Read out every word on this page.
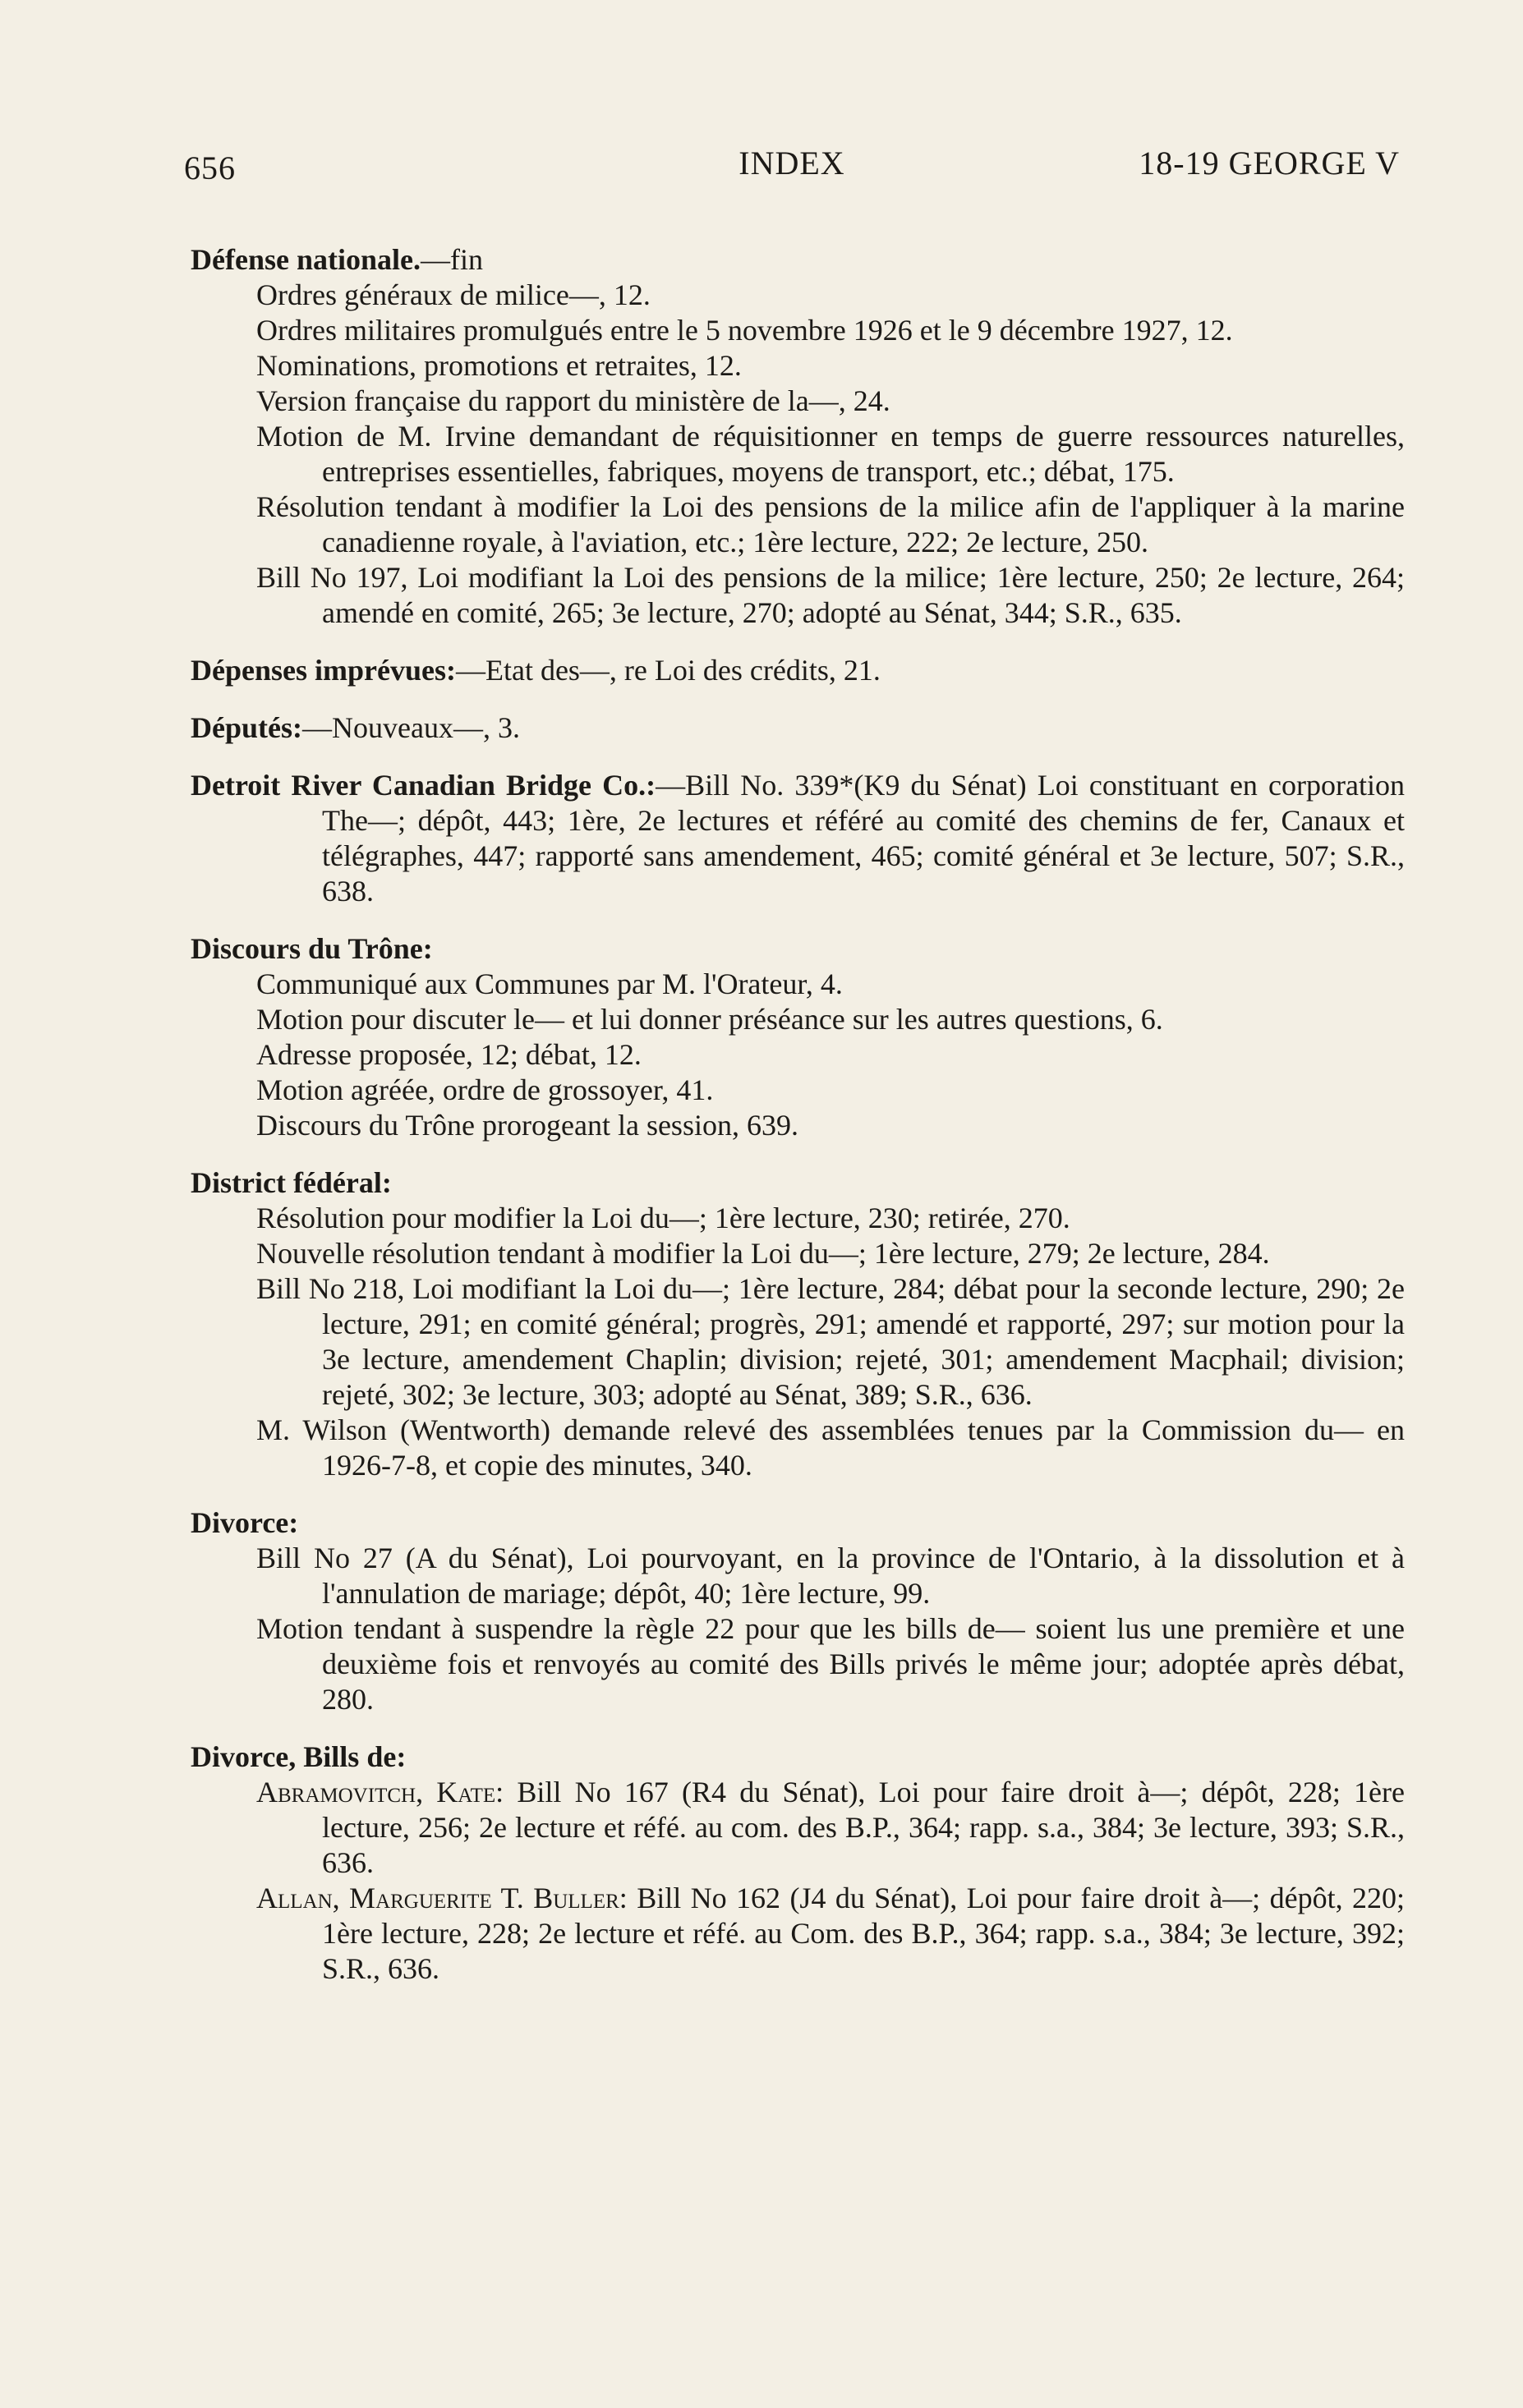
656	INDEX	18-19 GEORGE V

Défense nationale.—fin

Ordres généraux de milice—, 12.

Ordres militaires promulgués entre le 5 novembre 1926 et le 9 décembre 1927, 12.

Nominations, promotions et retraites, 12.

Version française du rapport du ministère de la—, 24.

Motion de M. Irvine demandant de réquisitionner en temps de guerre ressources naturelles, entreprises essentielles, fabriques, moyens de transport, etc.; débat, 175.

Résolution tendant à modifier la Loi des pensions de la milice afin de l'appliquer à la marine canadienne royale, à l'aviation, etc.; 1ère lecture, 222; 2e lecture, 250.

Bill No 197, Loi modifiant la Loi des pensions de la milice; 1ère lecture, 250; 2e lecture, 264; amendé en comité, 265; 3e lecture, 270; adopté au Sénat, 344; S.R., 635.

Dépenses imprévues:—Etat des—, re Loi des crédits, 21.

Députés:—Nouveaux—, 3.

Detroit River Canadian Bridge Co.:—Bill No. 339*(K9 du Sénat) Loi constituant en corporation The—; dépôt, 443; 1ère, 2e lectures et référé au comité des chemins de fer, Canaux et télégraphes, 447; rapporté sans amendement, 465; comité général et 3e lecture, 507; S.R., 638.

Discours du Trône:

Communiqué aux Communes par M. l'Orateur, 4.

Motion pour discuter le— et lui donner préséance sur les autres questions, 6.

Adresse proposée, 12; débat, 12.

Motion agréée, ordre de grossoyer, 41.

Discours du Trône prorogeant la session, 639.

District fédéral:

Résolution pour modifier la Loi du—; 1ère lecture, 230; retirée, 270.

Nouvelle résolution tendant à modifier la Loi du—; 1ère lecture, 279; 2e lecture, 284.

Bill No 218, Loi modifiant la Loi du—; 1ère lecture, 284; débat pour la seconde lecture, 290; 2e lecture, 291; en comité général; progrès, 291; amendé et rapporté, 297; sur motion pour la 3e lecture, amendement Chaplin; division; rejeté, 301; amendement Macphail; division; rejeté, 302; 3e lecture, 303; adopté au Sénat, 389; S.R., 636.

M. Wilson (Wentworth) demande relevé des assemblées tenues par la Commission du— en 1926-7-8, et copie des minutes, 340.

Divorce:

Bill No 27 (A du Sénat), Loi pourvoyant, en la province de l'Ontario, à la dissolution et à l'annulation de mariage; dépôt, 40; 1ère lecture, 99.

Motion tendant à suspendre la règle 22 pour que les bills de— soient lus une première et une deuxième fois et renvoyés au comité des Bills privés le même jour; adoptée après débat, 280.

Divorce, Bills de:

Abramovitch, Kate: Bill No 167 (R4 du Sénat), Loi pour faire droit à—; dépôt, 228; 1ère lecture, 256; 2e lecture et réfé. au com. des B.P., 364; rapp. s.a., 384; 3e lecture, 393; S.R., 636.

Allan, Marguerite T. Buller: Bill No 162 (J4 du Sénat), Loi pour faire droit à—; dépôt, 220; 1ère lecture, 228; 2e lecture et réfé. au Com. des B.P., 364; rapp. s.a., 384; 3e lecture, 392; S.R., 636.
